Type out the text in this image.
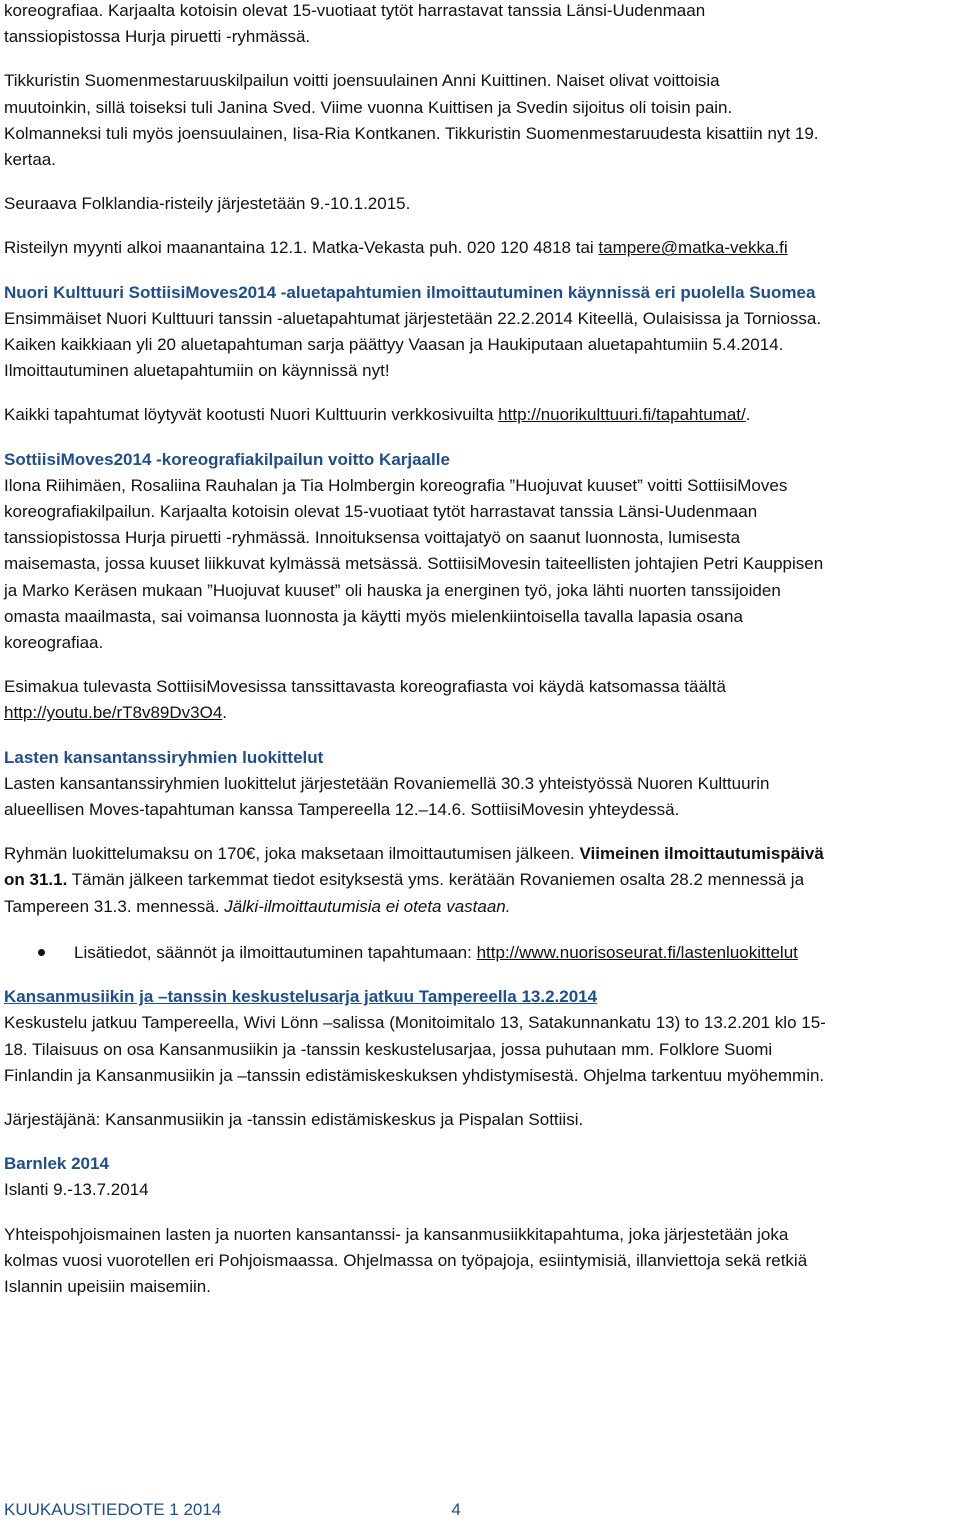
koreografiaa. Karjaalta kotoisin olevat 15-vuotiaat tytöt harrastavat tanssia Länsi-Uudenmaan

tanssiopistossa Hurja piruetti -ryhmässä.

Tikkuristin Suomenmestaruuskilpailun voitti joensuulainen Anni Kuittinen. Naiset olivat voittoisia

muutoinkin, sillä toiseksi tuli Janina Sved. Viime vuonna Kuittisen ja Svedin sijoitus oli toisin pain.

Kolmanneksi tuli myös joensuulainen, Iisa-Ria Kontkanen. Tikkuristin Suomenmestaruudesta kisattiin nyt 19.

kertaa.

Seuraava Folklandia-risteily järjestetään 9.-10.1.2015.

Risteilyn myynti alkoi maanantaina 12.1. Matka-Vekasta puh. 020 120 4818 tai tampere@matka-vekka.fi

Nuori Kulttuuri SottiisiMoves2014 -aluetapahtumien ilmoittautuminen käynnissä eri puolella Suomea

Ensimmäiset Nuori Kulttuuri tanssin -aluetapahtumat järjestetään 22.2.2014 Kiteellä, Oulaisissa ja Torniossa.

Kaiken kaikkiaan yli 20 aluetapahtuman sarja päättyy Vaasan ja Haukiputaan aluetapahtumiin 5.4.2014.

Ilmoittautuminen aluetapahtumiin on käynnissä nyt!

Kaikki tapahtumat löytyvät kootusti Nuori Kulttuurin verkkosivuilta http://nuorikulttuuri.fi/tapahtumat/.

SottiisiMoves2014 -koreografiakilpailun voitto Karjaalle

Ilona Riihimäen, Rosaliina Rauhalan ja Tia Holmbergin koreografia ”Huojuvat kuuset” voitti SottiisiMoves

koreografiakilpailun. Karjaalta kotoisin olevat 15-vuotiaat tytöt harrastavat tanssia Länsi-Uudenmaan

tanssiopistossa Hurja piruetti -ryhmässä. Innoituksensa voittajatyö on saanut luonnosta, lumisesta

maisemasta, jossa kuuset liikkuvat kylmässä metsässä. SottiisiMovesin taiteellisten johtajien Petri Kauppisen

ja Marko Keräsen mukaan ”Huojuvat kuuset” oli hauska ja energinen työ, joka lähti nuorten tanssijoiden

omasta maailmasta, sai voimansa luonnosta ja käytti myös mielenkiintoisella tavalla lapasia osana

koreografiaa.

Esimakua tulevasta SottiisiMovesissa tanssittavasta koreografiasta voi käydä katsomassa täältä

http://youtu.be/rT8v89Dv3O4.

Lasten kansantanssiryhmien luokittelut

Lasten kansantanssiryhmien luokittelut järjestetään Rovaniemellä 30.3 yhteistyössä Nuoren Kulttuurin

alueellisen Moves-tapahtuman kanssa Tampereella 12.–14.6. SottiisiMovesin yhteydessä.

Ryhmän luokittelumaksu on 170€, joka maksetaan ilmoittautumisen jälkeen. Viimeinen ilmoittautumispäivä

on 31.1. Tämän jälkeen tarkemmat tiedot esityksestä yms. kerätään Rovaniemen osalta 28.2 mennessä ja

Tampereen 31.3. mennessä. Jälki-ilmoittautumisia ei oteta vastaan.

Lisätiedot, säännöt ja ilmoittautuminen tapahtumaan: http://www.nuorisoseurat.fi/lastenluokittelut

Kansanmusiikin ja –tanssin keskustelusarja jatkuu Tampereella 13.2.2014

Keskustelu jatkuu Tampereella, Wivi Lönn –salissa (Monitoimitalo 13, Satakunnankatu 13) to 13.2.201 klo 15-

18. Tilaisuus on osa Kansanmusiikin ja -tanssin keskustelusarjaa, jossa puhutaan mm. Folklore Suomi

Finlandin ja Kansanmusiikin ja –tanssin edistämiskeskuksen yhdistymisestä. Ohjelma tarkentuu myöhemmin.

Järjestäjänä: Kansanmusiikin ja -tanssin edistämiskeskus ja Pispalan Sottiisi.

Barnlek 2014

Islanti 9.-13.7.2014

Yhteispohjoismainen lasten ja nuorten kansantanssi- ja kansanmusiikkitapahtuma, joka järjestetään joka

kolmas vuosi vuorotellen eri Pohjoismaassa. Ohjelmassa on työpajoja, esiintymisiä, illanviettoja sekä retkiä

Islannin upeisiin maisemiin.

KUUKAUSITIEDOTE 1 2014	4
